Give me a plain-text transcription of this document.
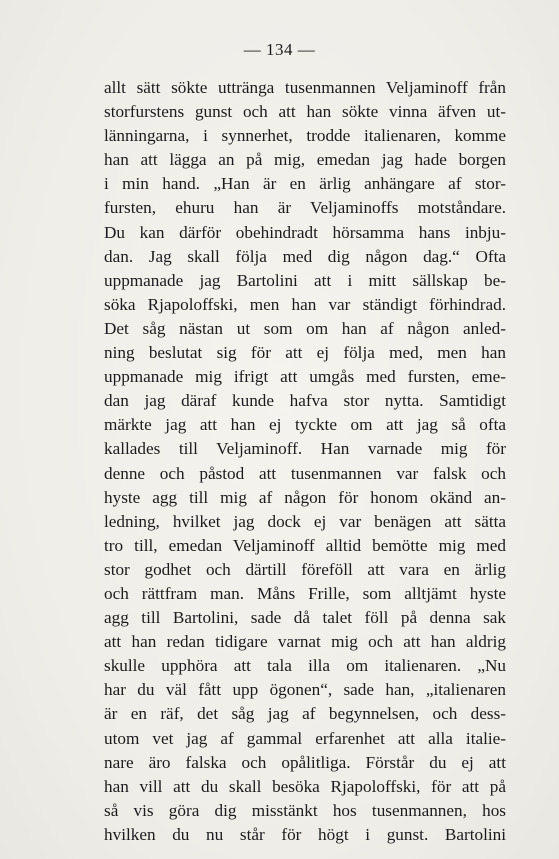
— 134 —
allt sätt sökte uttränga tusenmannen Veljaminoff från
storfurstens gunst och att han sökte vinna äfven ut-
länningarna, i synnerhet, trodde italienaren, komme
han att lägga an på mig, emedan jag hade borgen
i min hand. „Han är en ärlig anhängare af stor-
fursten, ehuru han är Veljaminoffs motståndare.
Du kan därför obehindradt hörsamma hans inbju-
dan. Jag skall följa med dig någon dag.“ Ofta
uppmanade jag Bartolini att i mitt sällskap be-
söka Rjapoloffski, men han var ständigt förhindrad.
Det såg nästan ut som om han af någon anled-
ning beslutat sig för att ej följa med, men han
uppmanade mig ifrigt att umgås med fursten, eme-
dan jag däraf kunde hafva stor nytta. Samtidigt
märkte jag att han ej tyckte om att jag så ofta
kallades till Veljaminoff. Han varnade mig för
denne och påstod att tusenmannen var falsk och
hyste agg till mig af någon för honom okänd an-
ledning, hvilket jag dock ej var benägen att sätta
tro till, emedan Veljaminoff alltid bemötte mig med
stor godhet och därtill föreföll att vara en ärlig
och rättfram man. Måns Frille, som alltjämt hyste
agg till Bartolini, sade då talet föll på denna sak
att han redan tidigare varnat mig och att han aldrig
skulle upphöra att tala illa om italienaren. „Nu
har du väl fått upp ögonen“, sade han, „italienaren
är en räf, det såg jag af begynnelsen, och dess-
utom vet jag af gammal erfarenhet att alla italie-
nare äro falska och opålitliga. Förstår du ej att
han vill att du skall besöka Rjapoloffski, för att på
så vis göra dig misstänkt hos tusenmannen, hos
hvilken du nu står för högt i gunst. Bartolini
